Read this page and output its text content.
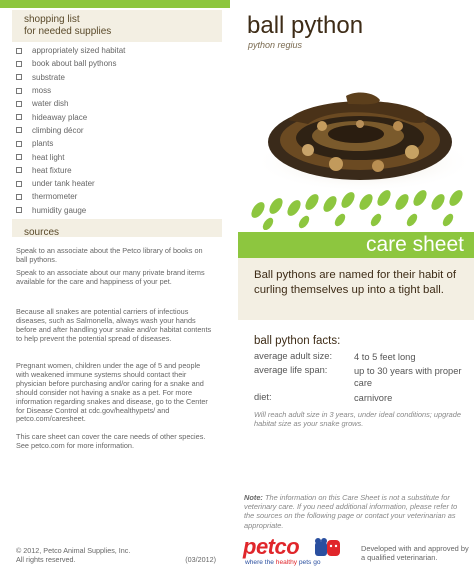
shopping list
for needed supplies
appropriately sized habitat
book about ball pythons
substrate
moss
water dish
hideaway place
climbing décor
plants
heat light
heat fixture
under tank heater
thermometer
humidity gauge
sources

Speak to an associate about the Petco library of books on ball pythons.

Speak to an associate about our many private brand items available for the care and happiness of your pet.

Because all snakes are potential carriers of infectious diseases, such as Salmonella, always wash your hands before and after handling your snake and/or habitat contents to help prevent the potential spread of diseases.

Pregnant women, children under the age of 5 and people with weakened immune systems should contact their physician before purchasing and/or caring for a snake and should consider not having a snake as a pet. For more information regarding snakes and disease, go to the Center for Disease Control at cdc.gov/healthypets/ and petco.com/caresheet.

This care sheet can cover the care needs of other species. See petco.com for more information.

© 2012, Petco Animal Supplies, Inc.
All rights reserved.	(03/2012)
ball python
python regius
care sheet

Ball pythons are named for their habit of curling themselves up into a tight ball.

ball python facts:
average adult size:	4 to 5 feet long
average life span:	up to 30 years with proper care
diet:	carnivore
Will reach adult size in 3 years, under ideal conditions; upgrade habitat size as your snake grows.
Note: The information on this Care Sheet is not a substitute for veterinary care. If you need additional information, please refer to the sources on the following page or contact your veterinarian as appropriate.
petco
where the healthy pets go
Developed with and approved by a qualified veterinarian.
